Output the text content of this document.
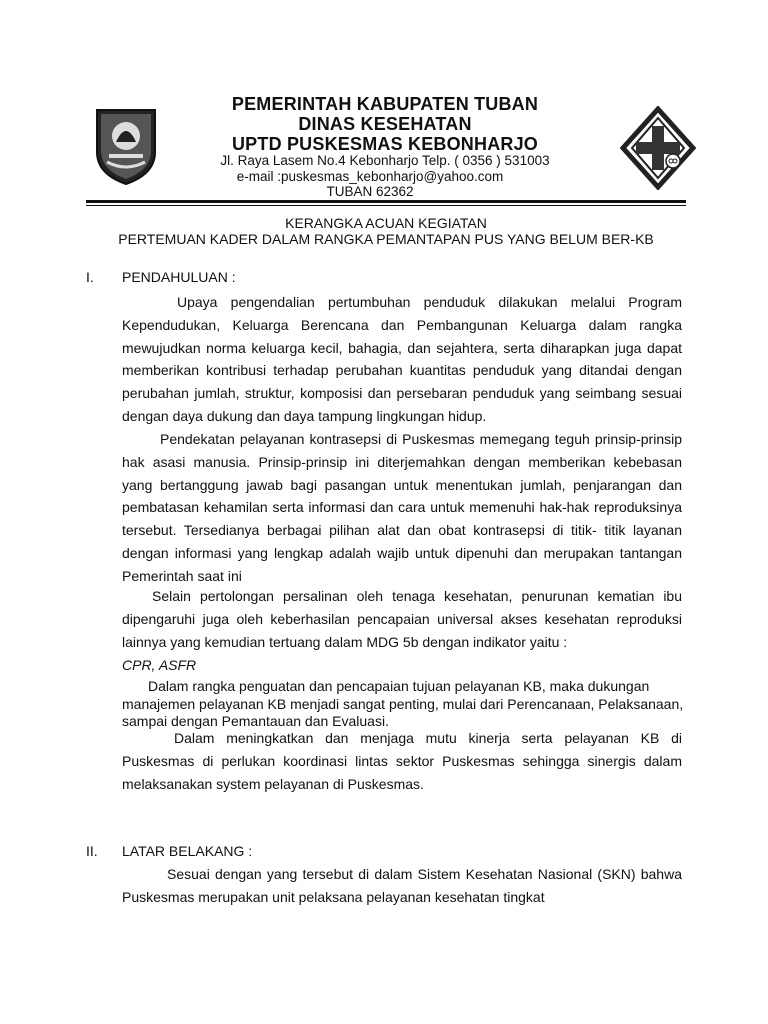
PEMERINTAH KABUPATEN TUBAN
DINAS KESEHATAN
UPTD PUSKESMAS KEBONHARJO
Jl. Raya Lasem No.4 Kebonharjo Telp. ( 0356 ) 531003
e-mail :puskesmas_kebonharjo@yahoo.com
TUBAN 62362
KERANGKA ACUAN KEGIATAN
PERTEMUAN KADER DALAM RANGKA PEMANTAPAN PUS YANG BELUM BER-KB
I. PENDAHULUAN :
Upaya pengendalian pertumbuhan penduduk dilakukan melalui Program Kependudukan, Keluarga Berencana dan Pembangunan Keluarga dalam rangka mewujudkan norma keluarga kecil, bahagia, dan sejahtera, serta diharapkan juga dapat memberikan kontribusi terhadap perubahan kuantitas penduduk yang ditandai dengan perubahan jumlah, struktur, komposisi dan persebaran penduduk yang seimbang sesuai dengan daya dukung dan daya tampung lingkungan hidup.
Pendekatan pelayanan kontrasepsi di Puskesmas memegang teguh prinsip-prinsip hak asasi manusia. Prinsip-prinsip ini diterjemahkan dengan memberikan kebebasan yang bertanggung jawab bagi pasangan untuk menentukan jumlah, penjarangan dan pembatasan kehamilan serta informasi dan cara untuk memenuhi hak-hak reproduksinya tersebut. Tersedianya berbagai pilihan alat dan obat kontrasepsi di titik- titik layanan dengan informasi yang lengkap adalah wajib untuk dipenuhi dan merupakan tantangan Pemerintah saat ini
Selain pertolongan persalinan oleh tenaga kesehatan, penurunan kematian ibu dipengaruhi juga oleh keberhasilan pencapaian universal akses kesehatan reproduksi lainnya yang kemudian tertuang dalam MDG 5b dengan indikator yaitu :
CPR, ASFR
Dalam rangka penguatan dan pencapaian tujuan pelayanan KB, maka dukungan manajemen pelayanan KB menjadi sangat penting, mulai dari Perencanaan, Pelaksanaan, sampai dengan Pemantauan dan Evaluasi.
Dalam meningkatkan dan menjaga mutu kinerja serta pelayanan KB di Puskesmas di perlukan koordinasi lintas sektor Puskesmas sehingga sinergis dalam melaksanakan system pelayanan di Puskesmas.
II. LATAR BELAKANG :
Sesuai dengan yang tersebut di dalam Sistem Kesehatan Nasional (SKN) bahwa Puskesmas merupakan unit pelaksana pelayanan kesehatan tingkat
